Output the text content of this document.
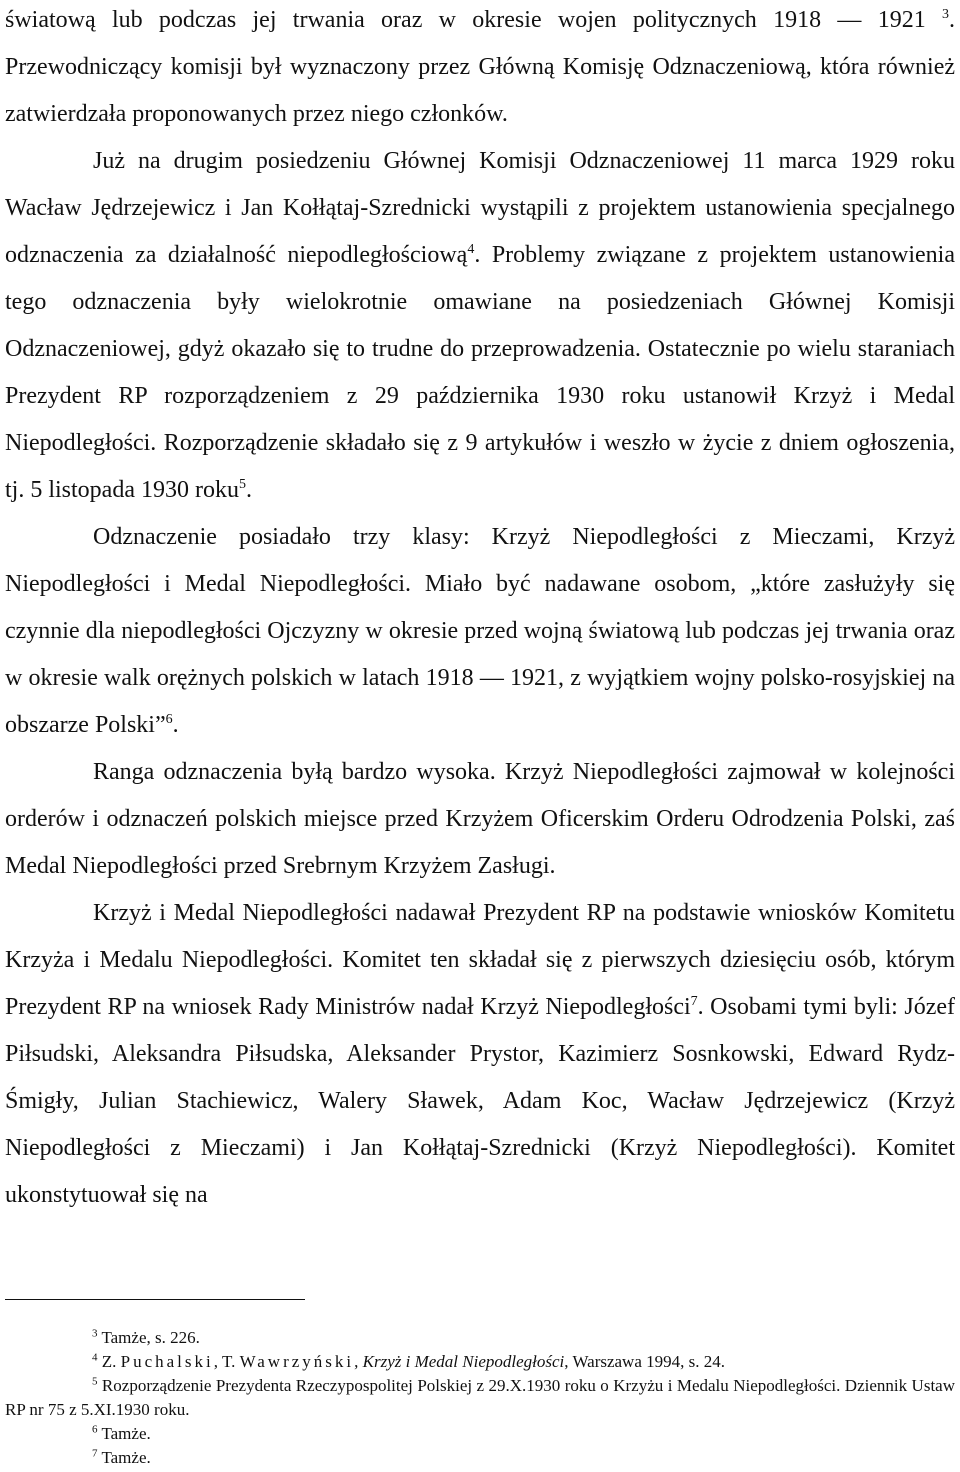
światową lub podczas jej trwania oraz w okresie wojen politycznych 1918 — 1921 $^3$. Przewodniczący komisji był wyznaczony przez Główną Komisję Odznaczeniową, która również zatwierdzała proponowanych przez niego członków.

Już na drugim posiedzeniu Głównej Komisji Odznaczeniowej 11 marca 1929 roku Wacław Jędrzejewicz i Jan Kołłątaj-Szrednicki wystąpili z projektem ustanowienia specjalnego odznaczenia za działalność niepodległościową$^4$. Problemy związane z projektem ustanowienia tego odznaczenia były wielokrotnie omawiane na posiedzeniach Głównej Komisji Odznaczeniowej, gdyż okazało się to trudne do przeprowadzenia. Ostatecznie po wielu staraniach Prezydent RP rozporządzeniem z 29 października 1930 roku ustanowił Krzyż i Medal Niepodległości. Rozporządzenie składało się z 9 artykułów i weszło w życie z dniem ogłoszenia, tj. 5 listopada 1930 roku$^5$.

Odznaczenie posiadało trzy klasy: Krzyż Niepodległości z Mieczami, Krzyż Niepodległości i Medal Niepodległości. Miało być nadawane osobom, „które zasłużyły się czynnie dla niepodległości Ojczyzny w okresie przed wojną światową lub podczas jej trwania oraz w okresie walk orężnych polskich w latach 1918 — 1921, z wyjątkiem wojny polsko-rosyjskiej na obszarze Polski”$^6$.

Ranga odznaczenia byłą bardzo wysoka. Krzyż Niepodległości zajmował w kolejności orderów i odznaczeń polskich miejsce przed Krzyżem Oficerskim Orderu Odrodzenia Polski, zaś Medal Niepodległości przed Srebrnym Krzyżem Zasługi.

Krzyż i Medal Niepodległości nadawał Prezydent RP na podstawie wniosków Komitetu Krzyża i Medalu Niepodległości. Komitet ten składał się z pierwszych dziesięciu osób, którym Prezydent RP na wniosek Rady Ministrów nadał Krzyż Niepodległości$^7$. Osobami tymi byli: Józef Piłsudski, Aleksandra Piłsudska, Aleksander Prystor, Kazimierz Sosnkowski, Edward Rydz-Śmigły, Julian Stachiewicz, Walery Sławek, Adam Koc, Wacław Jędrzejewicz (Krzyż Niepodległości z Mieczami) i Jan Kołłątaj-Szrednicki (Krzyż Niepodległości). Komitet ukonstytuował się na

$^3$ Tamże, s. 226.

$^4$ Z. Puchalski, T. Wawrzyński, Krzyż i Medal Niepodległości, Warszawa 1994, s. 24.

$^5$ Rozporządzenie Prezydenta Rzeczypospolitej Polskiej z 29.X.1930 roku o Krzyżu i Medalu Niepodległości. Dziennik Ustaw RP nr 75 z 5.XI.1930 roku.

$^6$ Tamże.

$^7$ Tamże.
